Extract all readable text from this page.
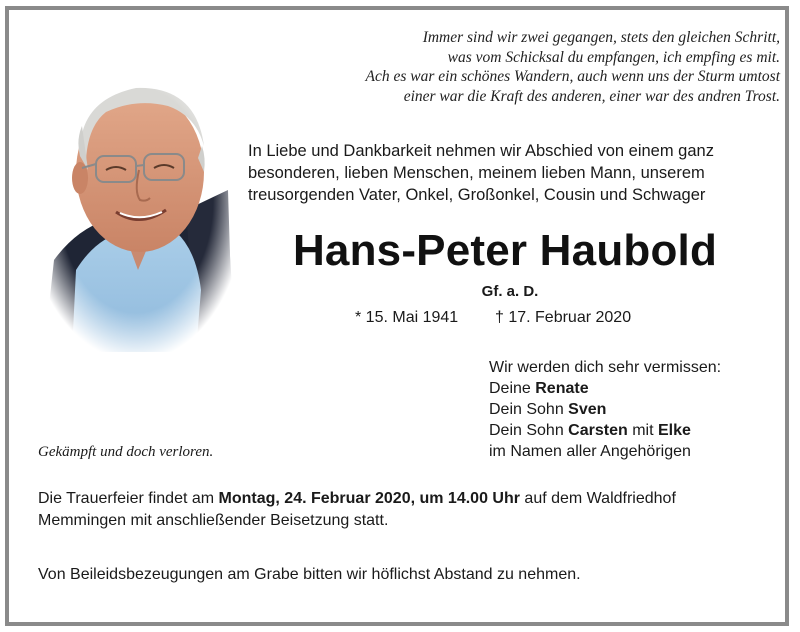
Immer sind wir zwei gegangen, stets den gleichen Schritt,
was vom Schicksal du empfangen, ich empfing es mit.
Ach es war ein schönes Wandern, auch wenn uns der Sturm umtost
einer war die Kraft des anderen, einer war des andren Trost.
In Liebe und Dankbarkeit nehmen wir Abschied von einem ganz
besonderen, lieben Menschen, meinem lieben Mann, unserem
treusorgenden Vater, Onkel, Großonkel, Cousin und Schwager
Hans-Peter Haubold
Gf. a. D.
* 15. Mai 1941 † 17. Februar 2020
Wir werden dich sehr vermissen:
Deine Renate
Dein Sohn Sven
Dein Sohn Carsten mit Elke
im Namen aller Angehörigen
Gekämpft und doch verloren.
Die Trauerfeier findet am Montag, 24. Februar 2020, um 14.00 Uhr auf dem Waldfriedhof
Memmingen mit anschließender Beisetzung statt.
Von Beileidsbezeugungen am Grabe bitten wir höflichst Abstand zu nehmen.
